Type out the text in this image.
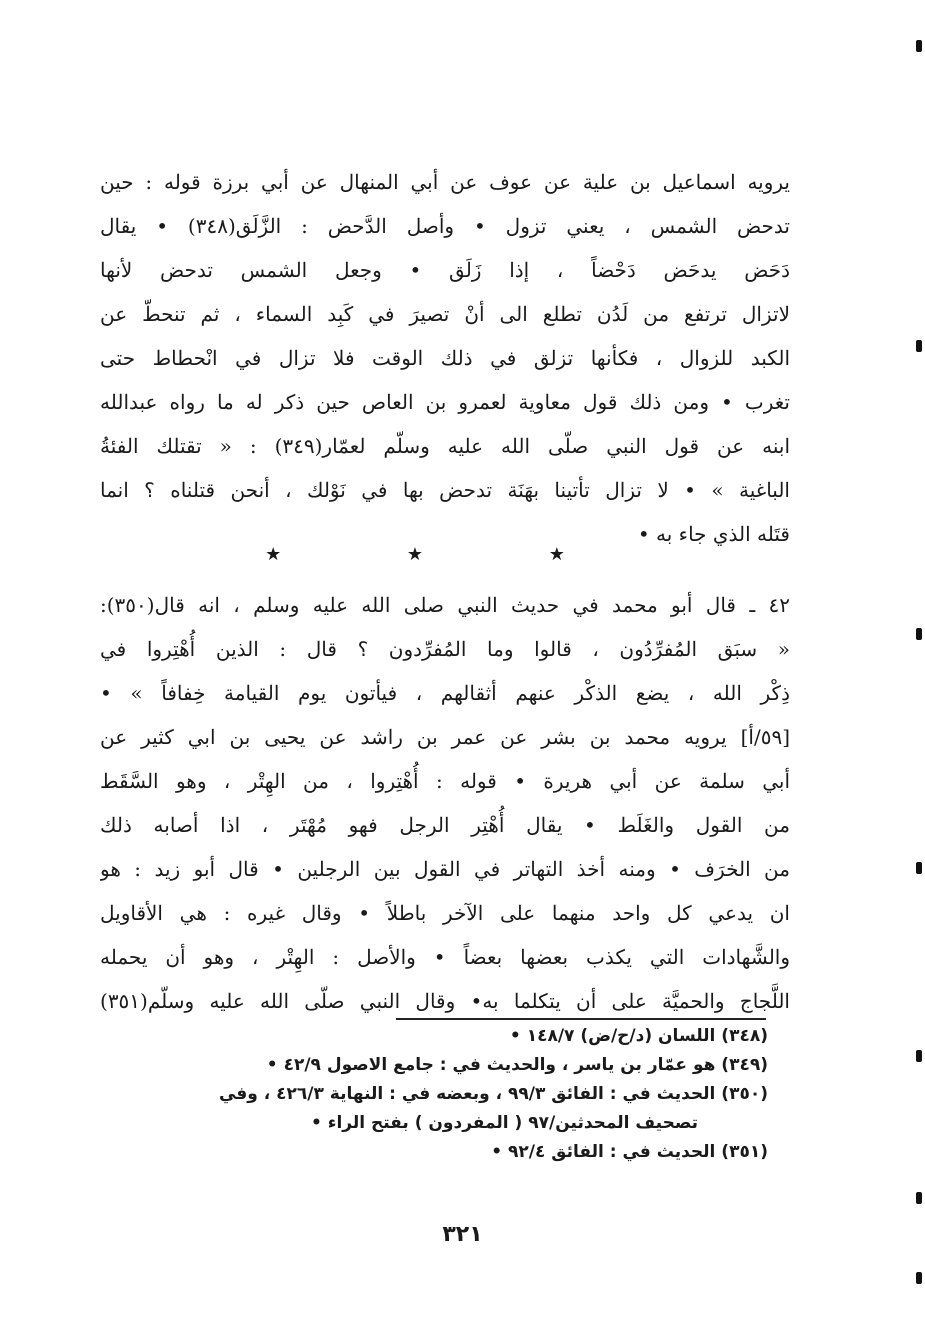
يرويه اسماعيل بن علية عن عوف عن أبي المنهال عن أبي برزة قوله : حين
تدحض الشمس ، يعني تزول • وأصل الدَّحض : الزَّلَق(٣٤٨) • يقال
دَحَض يدحَض دَحْضاً ، إذا زَلَق • وجعل الشمس تدحض لأنها
لاتزال ترتفع من لَدُن تطلع الى أنْ تصيرَ في كَبِد السماء ، ثم تنحطّ عن
الكبد للزوال ، فكأنها تزلق في ذلك الوقت فلا تزال في انْحطاط حتى
تغرب • ومن ذلك قول معاوية لعمرو بن العاص حين ذكر له ما رواه عبدالله
ابنه عن قول النبي صلّى الله عليه وسلّم لعمّار(٣٤٩) : « تقتلك الفئةُ
الباغية » • لا تزال تأتينا بهَنَة تدحض بها في نَوْلك ، أنحن قتلناه ؟ انما
قتَله الذي جاء به •
★ ★ ★
٤٢ ـ قال أبو محمد في حديث النبي صلى الله عليه وسلم ، انه قال(٣٥٠):
« سبَق المُفرِّدُون ، قالوا وما المُفرِّدون ؟ قال : الذين أُهْتِروا في
ذِكْر الله ، يضع الذكْر عنهم أثقالهم ، فيأتون يوم القيامة خِفافاً » •
[٥٩/أ] يرويه محمد بن بشر عن عمر بن راشد عن يحيى بن ابي كثير عن
أبي سلمة عن أبي هريرة • قوله : أُهْتِروا ، من الهِتْر ، وهو السَّقَط
من القول والغَلَط • يقال أُهْتِر الرجل فهو مُهْتَر ، اذا أصابه ذلك
من الخرَف • ومنه أخذ التهاتر في القول بين الرجلين • قال أبو زيد : هو
ان يدعي كل واحد منهما على الآخر باطلاً • وقال غيره : هي الأقاويل
والشَّهادات التي يكذب بعضها بعضاً • والأصل : الهِتْر ، وهو أن يحمله
اللَّجاج والحميَّة على أن يتكلما به• وقال النبي صلّى الله عليه وسلّم(٣٥١)
(٣٤٨) اللسان (د/ح/ض) ١٤٨/٧ •
(٣٤٩) هو عمّار بن ياسر ، والحديث في : جامع الاصول ٤٢/٩ •
(٣٥٠) الحديث في : الفائق ٩٩/٣ ، وبعضه في : النهاية ٤٢٦/٣ ، وفي
تصحيف المحدثين/٩٧ ( المفردون ) بفتح الراء •
(٣٥١) الحديث في : الفائق ٩٢/٤ •
٣٢١
